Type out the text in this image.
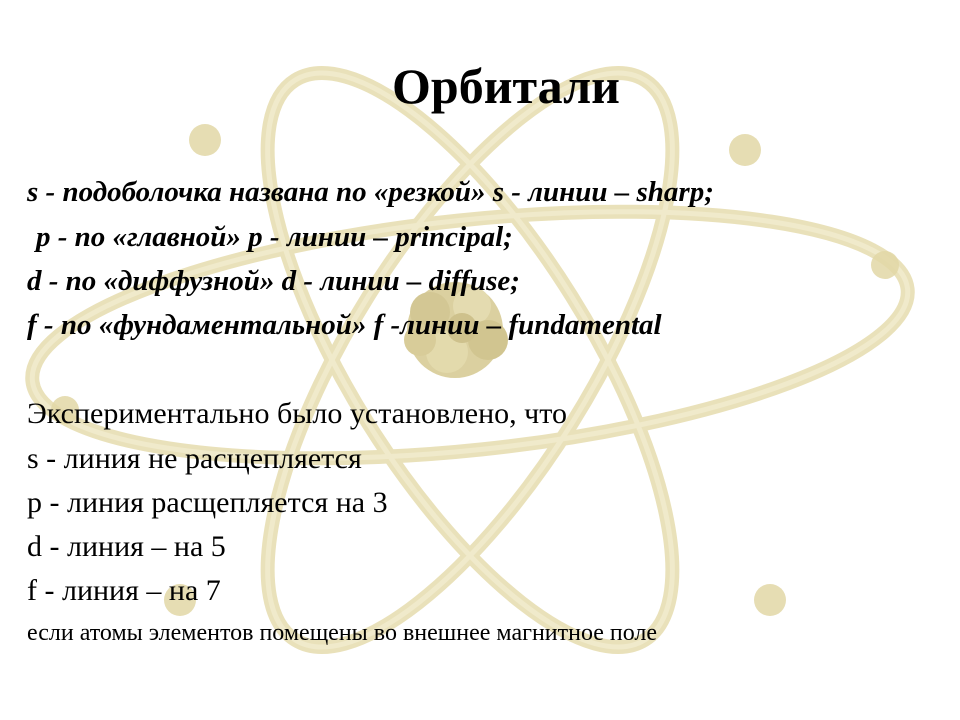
Орбитали
s - подоболочка названа по «резкой» s - линии – sharp;
p - по «главной» p - линии – principal;
d - по «диффузной» d - линии – diffuse;
f - по «фундаментальной» f -линии – fundamental
Экспериментально было установлено, что
s - линия не расщепляется
p - линия расщепляется на 3
d - линия – на 5
f - линия – на 7
если атомы элементов помещены во внешнее магнитное поле
